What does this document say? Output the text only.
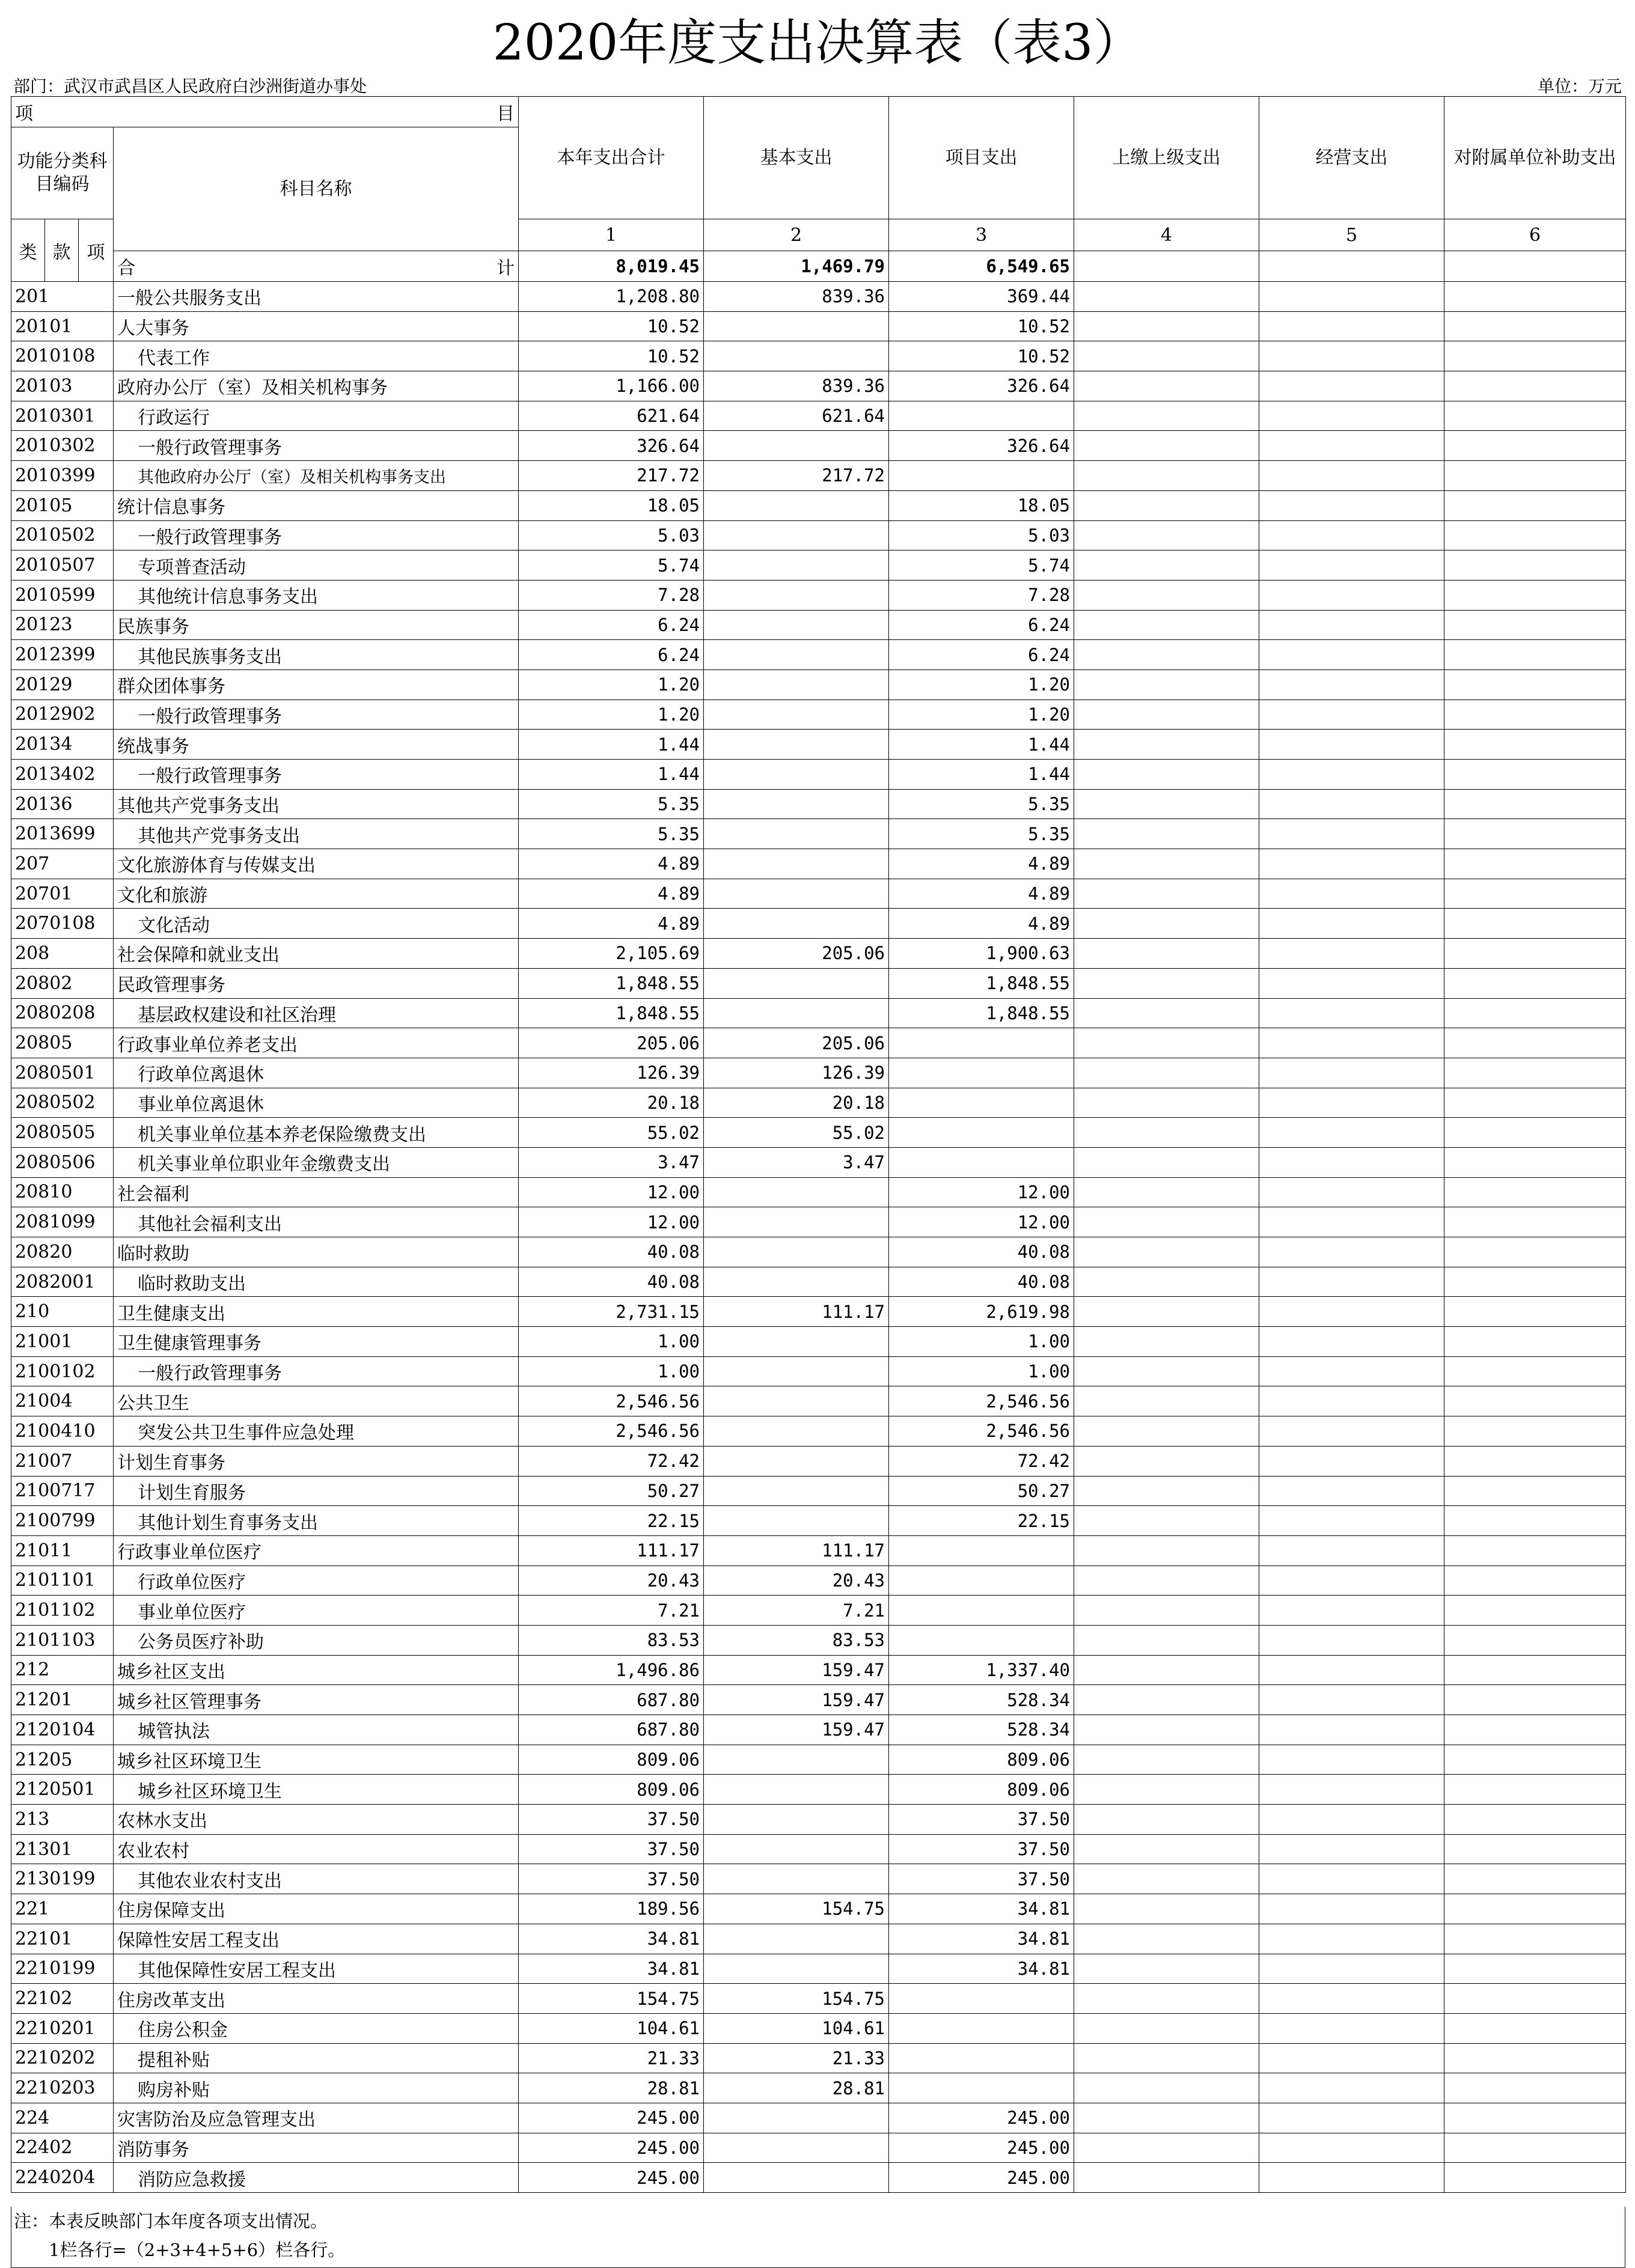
2020年度支出决算表（表3）
部门：武汉市武昌区人民政府白沙洲街道办事处	单位：万元
项 目				本年支出合计	基本支出	项目支出	上缴上级支出	经营支出	对附属单位补助支出
功能分类科目编码			科目名称						
类	款	项		1	2	3	4	5	6

			合 计	8,019.45	1,469.79	6,549.65			
201			一般公共服务支出	1,208.80	839.36	369.44			
20101			人大事务	10.52		10.52			
2010108			代表工作	10.52		10.52			
20103			政府办公厅（室）及相关机构事务	1,166.00	839.36	326.64			
2010301			行政运行	621.64	621.64				
2010302			一般行政管理事务	326.64		326.64			
2010399			其他政府办公厅（室）及相关机构事务支出	217.72	217.72				
20105			统计信息事务	18.05		18.05			
2010502			一般行政管理事务	5.03		5.03			
2010507			专项普查活动	5.74		5.74			
2010599			其他统计信息事务支出	7.28		7.28			
20123			民族事务	6.24		6.24			
2012399			其他民族事务支出	6.24		6.24			
20129			群众团体事务	1.20		1.20			
2012902			一般行政管理事务	1.20		1.20			
20134			统战事务	1.44		1.44			
2013402			一般行政管理事务	1.44		1.44			
20136			其他共产党事务支出	5.35		5.35			
2013699			其他共产党事务支出	5.35		5.35			
207			文化旅游体育与传媒支出	4.89		4.89			
20701			文化和旅游	4.89		4.89			
2070108			文化活动	4.89		4.89			
208			社会保障和就业支出	2,105.69	205.06	1,900.63			
20802			民政管理事务	1,848.55		1,848.55			
2080208			基层政权建设和社区治理	1,848.55		1,848.55			
20805			行政事业单位养老支出	205.06	205.06				
2080501			行政单位离退休	126.39	126.39				
2080502			事业单位离退休	20.18	20.18				
2080505			机关事业单位基本养老保险缴费支出	55.02	55.02				
2080506			机关事业单位职业年金缴费支出	3.47	3.47				
20810			社会福利	12.00		12.00			
2081099			其他社会福利支出	12.00		12.00			
20820			临时救助	40.08		40.08			
2082001			临时救助支出	40.08		40.08			
210			卫生健康支出	2,731.15	111.17	2,619.98			
21001			卫生健康管理事务	1.00		1.00			
2100102			一般行政管理事务	1.00		1.00			
21004			公共卫生	2,546.56		2,546.56			
2100410			突发公共卫生事件应急处理	2,546.56		2,546.56			
21007			计划生育事务	72.42		72.42			
2100717			计划生育服务	50.27		50.27			
2100799			其他计划生育事务支出	22.15		22.15			
21011			行政事业单位医疗	111.17	111.17				
2101101			行政单位医疗	20.43	20.43				
2101102			事业单位医疗	7.21	7.21				
2101103			公务员医疗补助	83.53	83.53				
212			城乡社区支出	1,496.86	159.47	1,337.40			
21201			城乡社区管理事务	687.80	159.47	528.34			
2120104			城管执法	687.80	159.47	528.34			
21205			城乡社区环境卫生	809.06		809.06			
2120501			城乡社区环境卫生	809.06		809.06			
213			农林水支出	37.50		37.50			
21301			农业农村	37.50		37.50			
2130199			其他农业农村支出	37.50		37.50			
221			住房保障支出	189.56	154.75	34.81			
22101			保障性安居工程支出	34.81		34.81			
2210199			其他保障性安居工程支出	34.81		34.81			
22102			住房改革支出	154.75	154.75				
2210201			住房公积金	104.61	104.61				
2210202			提租补贴	21.33	21.33				
2210203			购房补贴	28.81	28.81				
224			灾害防治及应急管理支出	245.00		245.00			
22402			消防事务	245.00		245.00			
2240204			消防应急救援	245.00		245.00			
注：本表反映部门本年度各项支出情况。
1栏各行=（2+3+4+5+6）栏各行。
